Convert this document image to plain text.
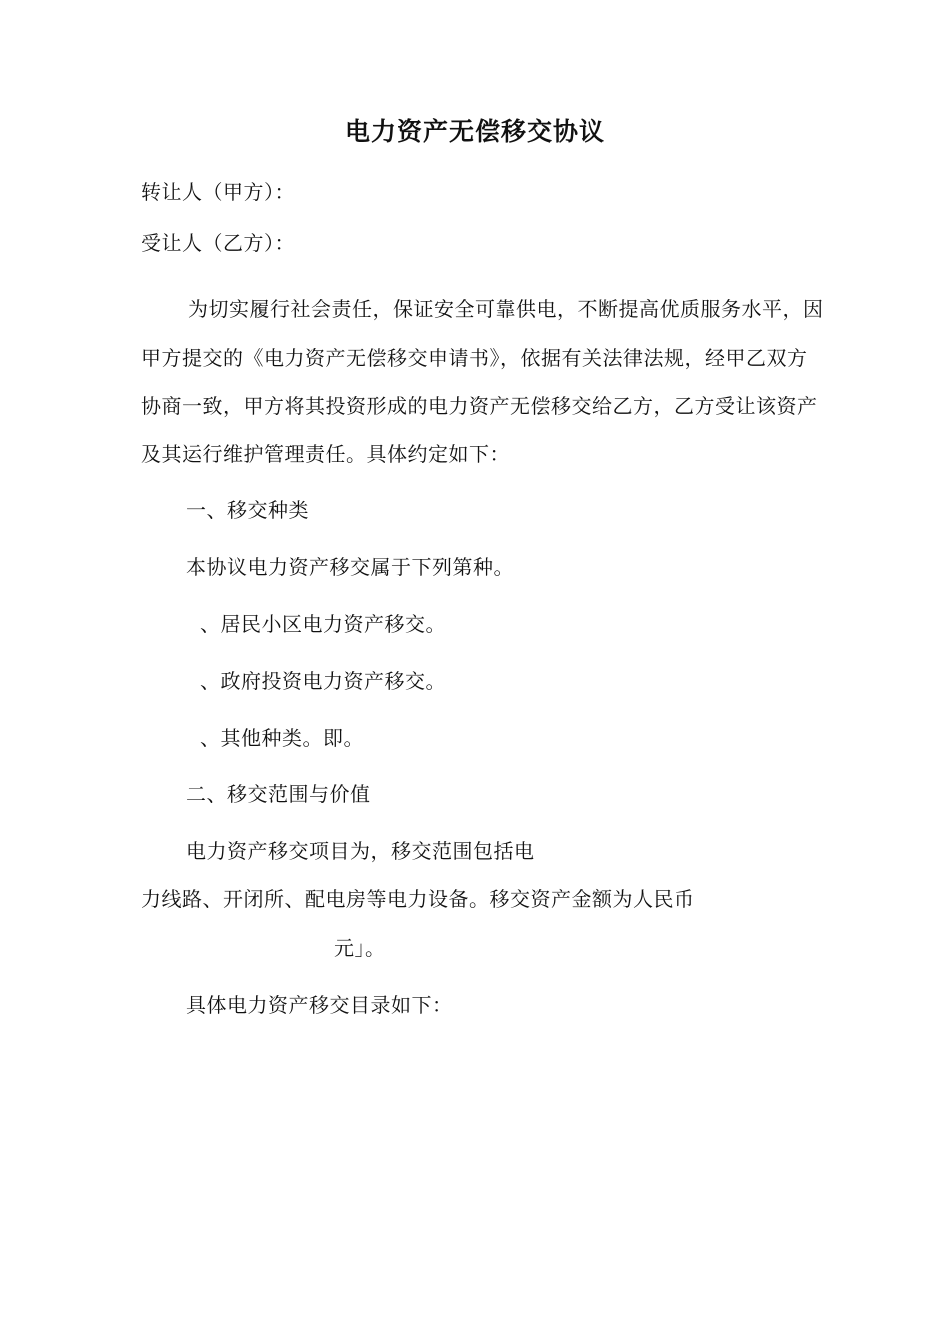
电力资产无偿移交协议
转让人（甲方）：
受让人（乙方）：
为切实履行社会责任，保证安全可靠供电，不断提高优质服务水平，因
甲方提交的《电力资产无偿移交申请书》，依据有关法律法规，经甲乙双方
协商一致，甲方将其投资形成的电力资产无偿移交给乙方，乙方受让该资产
及其运行维护管理责任。具体约定如下：
一、移交种类
本协议电力资产移交属于下列第种。
、居民小区电力资产移交。
、政府投资电力资产移交。
、其他种类。即。
二、移交范围与价值
电力资产移交项目为，移交范围包括电
力线路、开闭所、配电房等电力设备。移交资产金额为人民币
元」。
具体电力资产移交目录如下：
